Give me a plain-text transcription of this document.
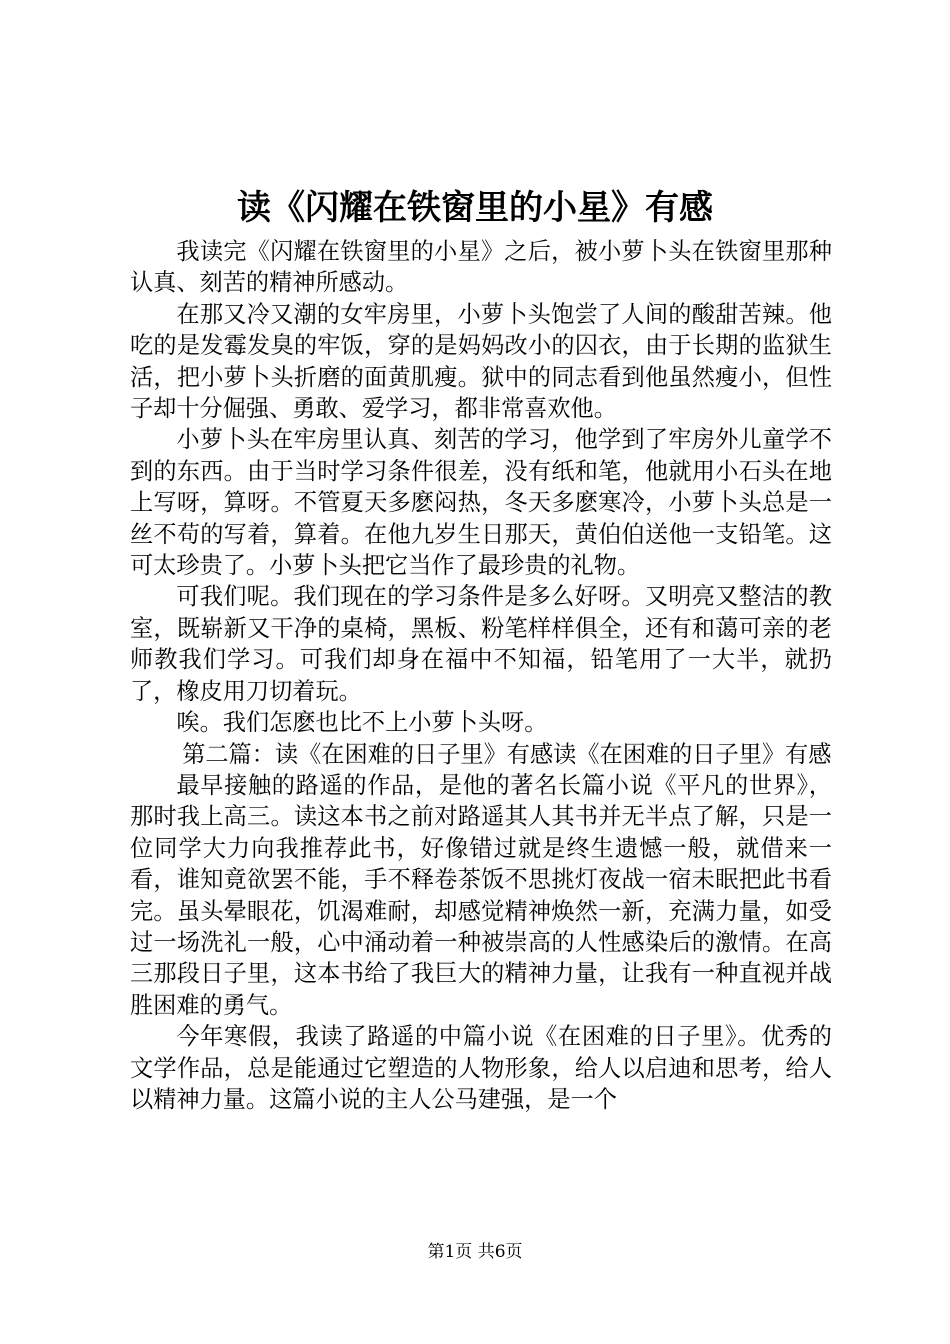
读《闪耀在铁窗里的小星》有感

我读完《闪耀在铁窗里的小星》之后，被小萝卜头在铁窗里那种认真、刻苦的精神所感动。

在那又冷又潮的女牢房里，小萝卜头饱尝了人间的酸甜苦辣。他吃的是发霉发臭的牢饭，穿的是妈妈改小的囚衣，由于长期的监狱生活，把小萝卜头折磨的面黄肌瘦。狱中的同志看到他虽然瘦小，但性子却十分倔强、勇敢、爱学习，都非常喜欢他。

小萝卜头在牢房里认真、刻苦的学习，他学到了牢房外儿童学不到的东西。由于当时学习条件很差，没有纸和笔，他就用小石头在地上写呀，算呀。不管夏天多麽闷热，冬天多麽寒冷，小萝卜头总是一丝不苟的写着，算着。在他九岁生日那天，黄伯伯送他一支铅笔。这可太珍贵了。小萝卜头把它当作了最珍贵的礼物。

可我们呢。我们现在的学习条件是多么好呀。又明亮又整洁的教室，既崭新又干净的桌椅，黑板、粉笔样样俱全，还有和蔼可亲的老师教我们学习。可我们却身在福中不知福，铅笔用了一大半，就扔了，橡皮用刀切着玩。

唉。我们怎麽也比不上小萝卜头呀。

第二篇：读《在困难的日子里》有感读《在困难的日子里》有感

最早接触的路遥的作品，是他的著名长篇小说《平凡的世界》，那时我上高三。读这本书之前对路遥其人其书并无半点了解，只是一位同学大力向我推荐此书，好像错过就是终生遗憾一般，就借来一看，谁知竟欲罢不能，手不释卷茶饭不思挑灯夜战一宿未眠把此书看完。虽头晕眼花，饥渴难耐，却感觉精神焕然一新，充满力量，如受过一场洗礼一般，心中涌动着一种被崇高的人性感染后的激情。在高三那段日子里，这本书给了我巨大的精神力量，让我有一种直视并战胜困难的勇气。

今年寒假，我读了路遥的中篇小说《在困难的日子里》。优秀的文学作品，总是能通过它塑造的人物形象，给人以启迪和思考，给人以精神力量。这篇小说的主人公马建强，是一个

第1页 共6页
